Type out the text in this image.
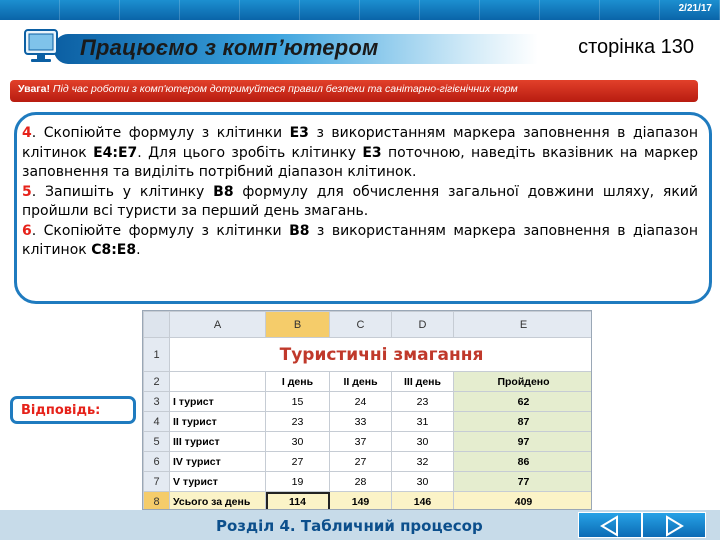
2/21/17
Працюємо з комп’ютером	сторінка 130
Увага! Під час роботи з комп'ютером дотримуйтеся правил безпеки та санітарно-гігієнічних норм

4. Скопіюйте формулу з клітинки E3 з використанням маркера заповнення в діапазон клітинок E4:E7. Для цього зробіть клітинку E3 поточною, наведіть вказівник на маркер заповнення та виділіть потрібний діапазон клітинок.

5. Запишіть у клітинку B8 формулу для обчислення загальної довжини шляху, який пройшли всі туристи за перший день змагань.

6. Скопіюйте формулу з клітинки B8 з використанням маркера заповнення в діапазон клітинок C8:E8.

Відповідь:
	A	B	C	D	E
1	Туристичні змагання				
2		І день	ІІ день	ІІІ день	Пройдено
3	І турист	15	24	23	62
4	ІІ турист	23	33	31	87
5	ІІІ турист	30	37	30	97
6	ІV турист	27	27	32	86
7	V турист	19	28	30	77
8	Усього за день	114	149	146	409
Розділ 4. Табличний процесор
